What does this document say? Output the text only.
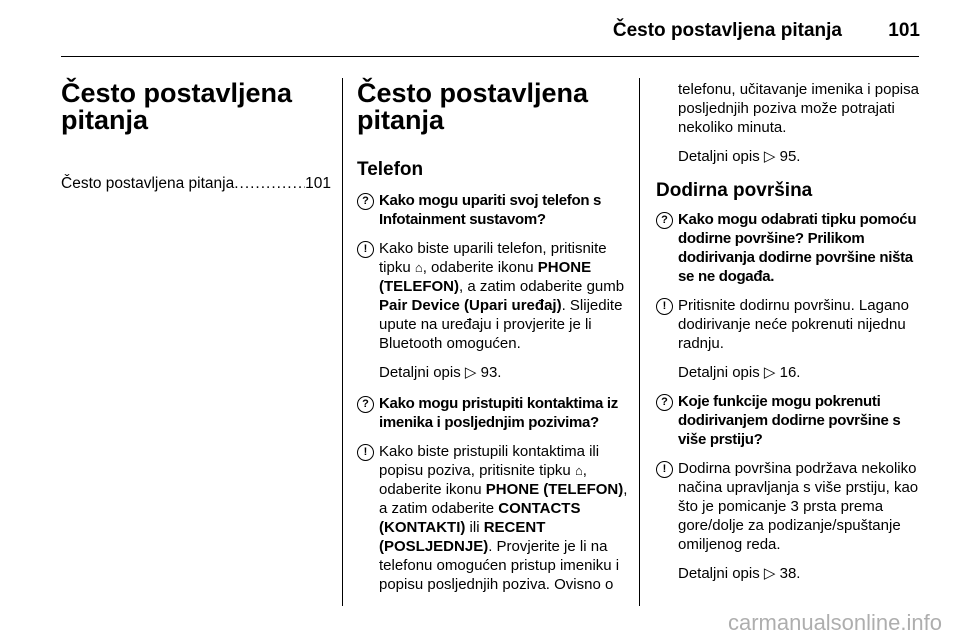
Često postavljena pitanja 101
Često postavljena pitanja
Često postavljena pitanja .....	101
Često postavljena pitanja
Telefon
? Kako mogu upariti svoj telefon s Infotainment sustavom?
! Kako biste uparili telefon, pritisnite tipku ⌂, odaberite ikonu PHONE (TELEFON), a zatim odaberite gumb Pair Device (Upari uređaj). Slijedite upute na uređaju i provjerite je li Bluetooth omogućen.
Detaljni opis ▷ 93.
? Kako mogu pristupiti kontaktima iz imenika i posljednjim pozivima?
! Kako biste pristupili kontaktima ili popisu poziva, pritisnite tipku ⌂, odaberite ikonu PHONE (TELEFON), a zatim odaberite CONTACTS (KONTAKTI) ili RECENT (POSLJEDNJE). Provjerite je li na telefonu omogućen pristup imeniku i popisu posljednjih poziva. Ovisno o
telefonu, učitavanje imenika i popisa posljednjih poziva može potrajati nekoliko minuta.
Detaljni opis ▷ 95.
Dodirna površina
? Kako mogu odabrati tipku pomoću dodirne površine? Prilikom dodirivanja dodirne površine ništa se ne događa.
! Pritisnite dodirnu površinu. Lagano dodirivanje neće pokrenuti nijednu radnju.
Detaljni opis ▷ 16.
? Koje funkcije mogu pokrenuti dodirivanjem dodirne površine s više prstiju?
! Dodirna površina podržava nekoliko načina upravljanja s više prstiju, kao što je pomicanje 3 prsta prema gore/dolje za podizanje/spuštanje omiljenog reda.
Detaljni opis ▷ 38.
carmanualsonline.info
